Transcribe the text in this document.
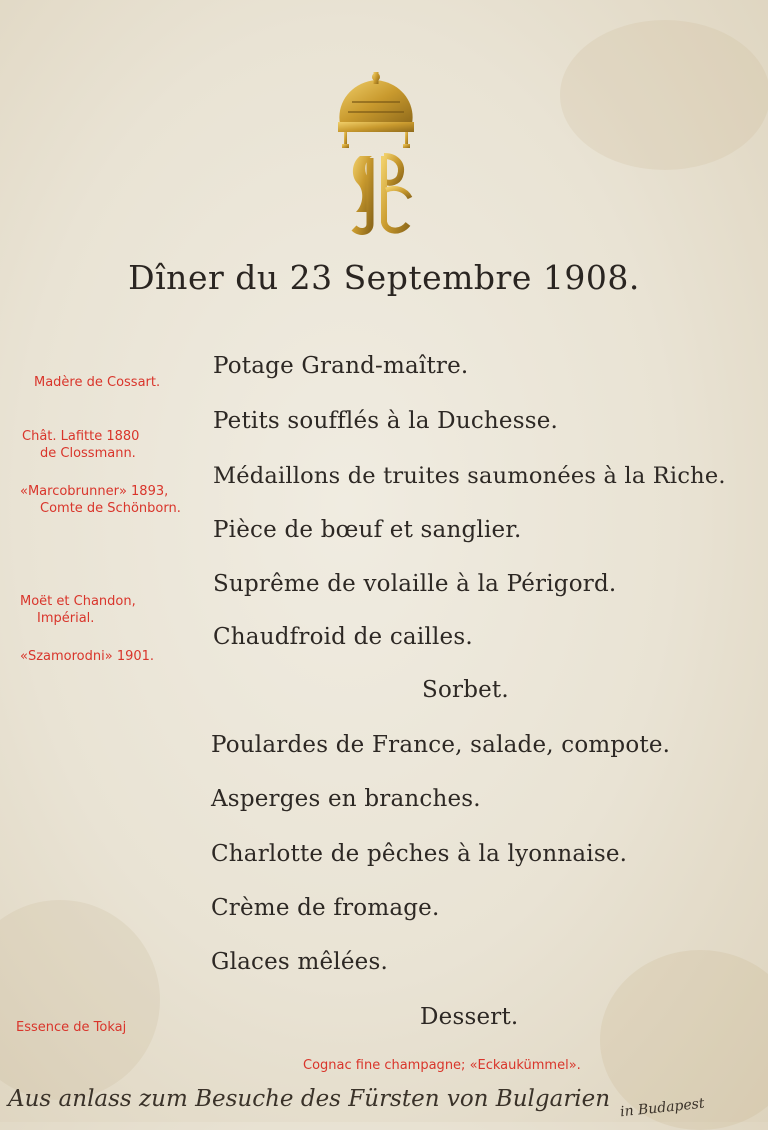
Dîner du 23 Septembre 1908.
Madère de Cossart.
Chât. Lafitte 1880
de Clossmann.
«Marcobrunner» 1893,
Comte de Schönborn.
Moët et Chandon,
Impérial.
«Szamorodni» 1901.
Essence de Tokaj
Potage Grand-maître.
Petits soufflés à la Duchesse.
Médaillons de truites saumonées à la Riche.
Pièce de bœuf et sanglier.
Suprême de volaille à la Périgord.
Chaudfroid de cailles.
Sorbet.
Poulardes de France, salade, compote.
Asperges en branches.
Charlotte de pêches à la lyonnaise.
Crème de fromage.
Glaces mêlées.
Dessert.
Cognac fine champagne; «Eckaukümmel».
Aus anlass zum Besuche des Fürsten von Bulgarien in Budapest
